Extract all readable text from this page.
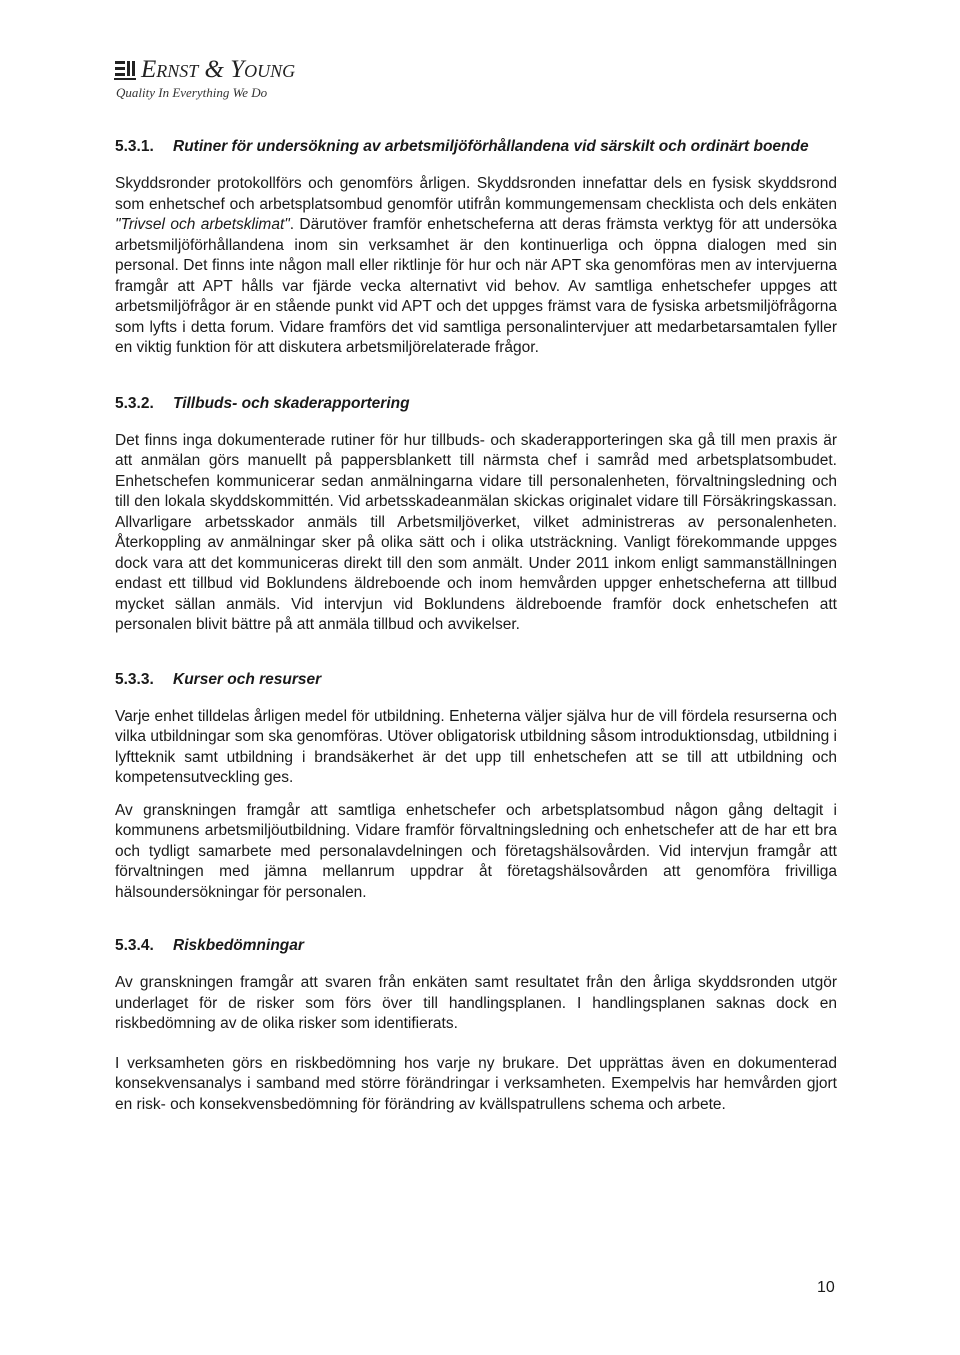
Ernst & Young
Quality In Everything We Do
5.3.1.	Rutiner för undersökning av arbetsmiljöförhållandena vid särskilt och ordinärt boende

Skyddsronder protokollförs och genomförs årligen. Skyddsronden innefattar dels en fysisk skyddsrond som enhetschef och arbetsplatsombud genomför utifrån kommungemensam checklista och dels enkäten "Trivsel och arbetsklimat". Därutöver framför enhetscheferna att deras främsta verktyg för att undersöka arbetsmiljöförhållandena inom sin verksamhet är den kontinuerliga och öppna dialogen med sin personal. Det finns inte någon mall eller riktlinje för hur och när APT ska genomföras men av intervjuerna framgår att APT hålls var fjärde vecka alternativt vid behov. Av samtliga enhetschefer uppges att arbetsmiljöfrågor är en stående punkt vid APT och det uppges främst vara de fysiska arbetsmiljöfrågorna som lyfts i detta forum. Vidare framförs det vid samtliga personalintervjuer att medarbetarsamtalen fyller en viktig funktion för att diskutera arbetsmiljörelaterade frågor.

5.3.2.	Tillbuds- och skaderapportering

Det finns inga dokumenterade rutiner för hur tillbuds- och skaderapporteringen ska gå till men praxis är att anmälan görs manuellt på pappersblankett till närmsta chef i samråd med arbetsplatsombudet. Enhetschefen kommunicerar sedan anmälningarna vidare till personalenheten, förvaltningsledning och till den lokala skyddskommittén. Vid arbetsskadeanmälan skickas originalet vidare till Försäkringskassan. Allvarligare arbetsskador anmäls till Arbetsmiljöverket, vilket administreras av personalenheten. Återkoppling av anmälningar sker på olika sätt och i olika utsträckning. Vanligt förekommande uppges dock vara att det kommuniceras direkt till den som anmält. Under 2011 inkom enligt sammanställningen endast ett tillbud vid Boklundens äldreboende och inom hemvården uppger enhetscheferna att tillbud mycket sällan anmäls. Vid intervjun vid Boklundens äldreboende framför dock enhetschefen att personalen blivit bättre på att anmäla tillbud och avvikelser.

5.3.3.	Kurser och resurser

Varje enhet tilldelas årligen medel för utbildning. Enheterna väljer själva hur de vill fördela resurserna och vilka utbildningar som ska genomföras. Utöver obligatorisk utbildning såsom introduktionsdag, utbildning i lyftteknik samt utbildning i brandsäkerhet är det upp till enhetschefen att se till att utbildning och kompetensutveckling ges.

Av granskningen framgår att samtliga enhetschefer och arbetsplatsombud någon gång deltagit i kommunens arbetsmiljöutbildning. Vidare framför förvaltningsledning och enhetschefer att de har ett bra och tydligt samarbete med personalavdelningen och företagshälsovården. Vid intervjun framgår att förvaltningen med jämna mellanrum uppdrar åt företagshälsovården att genomföra frivilliga hälsoundersökningar för personalen.

5.3.4.	Riskbedömningar

Av granskningen framgår att svaren från enkäten samt resultatet från den årliga skyddsronden utgör underlaget för de risker som förs över till handlingsplanen. I handlingsplanen saknas dock en riskbedömning av de olika risker som identifierats.

I verksamheten görs en riskbedömning hos varje ny brukare. Det upprättas även en dokumenterad konsekvensanalys i samband med större förändringar i verksamheten. Exempelvis har hemvården gjort en risk- och konsekvensbedömning för förändring av kvällspatrullens schema och arbete.

10
